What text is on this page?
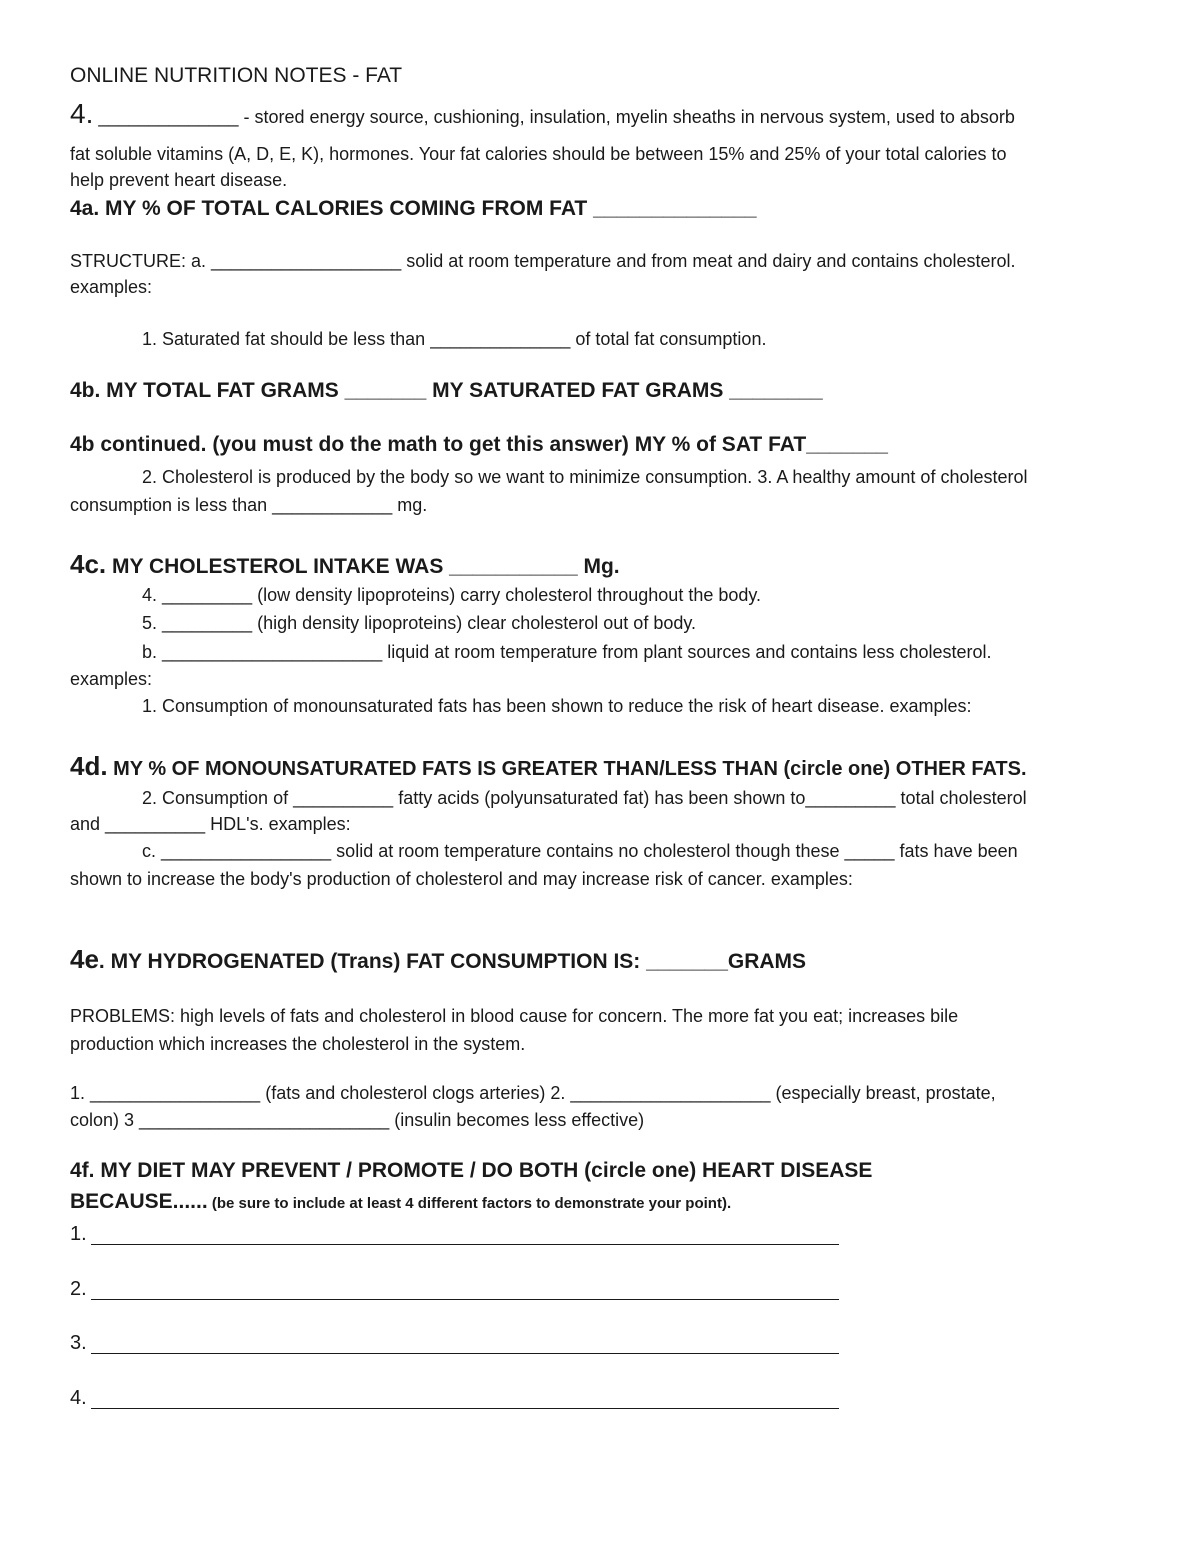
ONLINE NUTRITION NOTES - FAT
4. ______________ - stored energy source, cushioning, insulation, myelin sheaths in nervous system, used to absorb
fat soluble vitamins (A, D, E, K), hormones. Your fat calories should be between 15% and 25% of your total calories to
help prevent heart disease.
4a. MY % OF TOTAL CALORIES COMING FROM FAT ______________
STRUCTURE: a. ___________________ solid at room temperature and from meat and dairy and contains cholesterol.
examples:
1. Saturated fat should be less than ______________ of total fat consumption.
4b. MY TOTAL FAT GRAMS _______ MY SATURATED FAT GRAMS ________
4b continued. (you must do the math to get this answer) MY % of SAT FAT_______
2. Cholesterol is produced by the body so we want to minimize consumption. 3. A healthy amount of cholesterol
consumption is less than ____________ mg.
4c. MY CHOLESTEROL INTAKE WAS ___________ Mg.
4. _________ (low density lipoproteins) carry cholesterol throughout the body.
5. _________ (high density lipoproteins) clear cholesterol out of body.
b. ______________________ liquid at room temperature from plant sources and contains less cholesterol.
examples:
1. Consumption of monounsaturated fats has been shown to reduce the risk of heart disease. examples:
4d. MY % OF MONOUNSATURATED FATS IS GREATER THAN/LESS THAN (circle one) OTHER FATS.
2. Consumption of __________ fatty acids (polyunsaturated fat) has been shown to_________ total cholesterol
and __________ HDL's. examples:
c. _________________ solid at room temperature contains no cholesterol though these _____ fats have been
shown to increase the body's production of cholesterol and may increase risk of cancer. examples:
4e. MY HYDROGENATED (Trans) FAT CONSUMPTION IS: _______GRAMS
PROBLEMS: high levels of fats and cholesterol in blood cause for concern. The more fat you eat; increases bile
production which increases the cholesterol in the system.
1. _________________ (fats and cholesterol clogs arteries) 2. ____________________ (especially breast, prostate,
colon) 3 _________________________ (insulin becomes less effective)
4f. MY DIET MAY PREVENT / PROMOTE / DO BOTH (circle one) HEART DISEASE
BECAUSE...... (be sure to include at least 4 different factors to demonstrate your point).
1.
2.
3.
4.
